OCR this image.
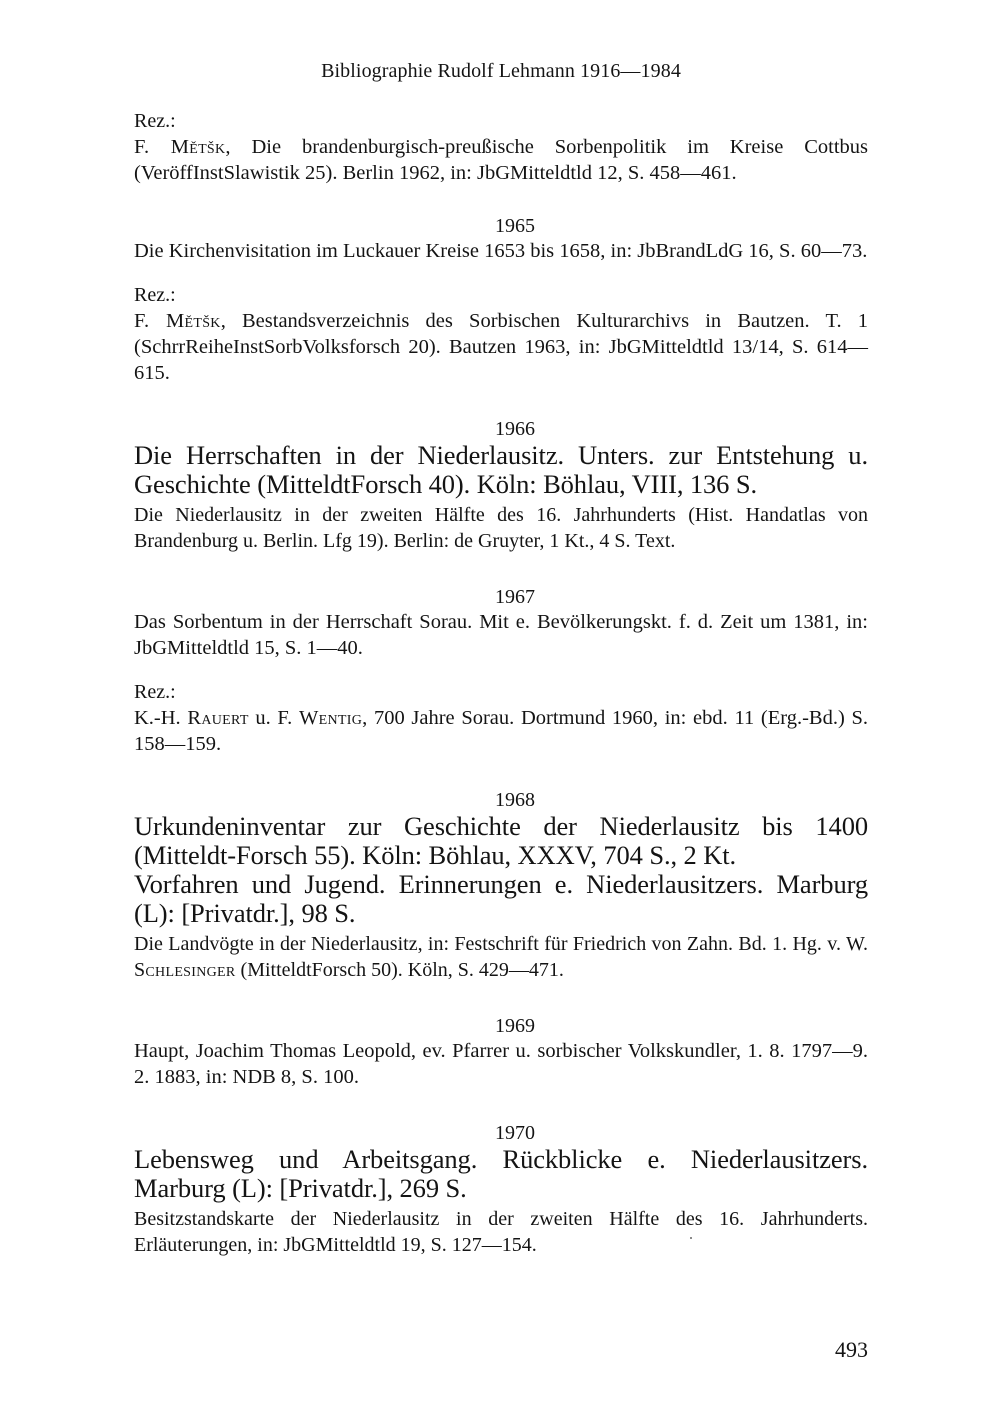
Bibliographie Rudolf Lehmann 1916—1984
Rez.:

F. Mětšk, Die brandenburgisch-preußische Sorbenpolitik im Kreise Cottbus (VeröffInstSlawistik 25). Berlin 1962, in: JbGMitteldtld 12, S. 458—461.

1965

Die Kirchenvisitation im Luckauer Kreise 1653 bis 1658, in: JbBrandLdG 16, S. 60—73.

Rez.:

F. Mětšk, Bestandsverzeichnis des Sorbischen Kulturarchivs in Bautzen. T. 1 (SchrrReiheInstSorbVolksforsch 20). Bautzen 1963, in: JbGMitteldtld 13/14, S. 614—615.

1966

Die Herrschaften in der Niederlausitz. Unters. zur Entstehung u. Geschichte (MitteldtForsch 40). Köln: Böhlau, VIII, 136 S.

Die Niederlausitz in der zweiten Hälfte des 16. Jahrhunderts (Hist. Handatlas von Brandenburg u. Berlin. Lfg 19). Berlin: de Gruyter, 1 Kt., 4 S. Text.

1967

Das Sorbentum in der Herrschaft Sorau. Mit e. Bevölkerungskt. f. d. Zeit um 1381, in: JbGMitteldtld 15, S. 1—40.

Rez.:

K.-H. Rauert u. F. Wentig, 700 Jahre Sorau. Dortmund 1960, in: ebd. 11 (Erg.-Bd.) S. 158—159.

1968

Urkundeninventar zur Geschichte der Niederlausitz bis 1400 (Mitteldt-Forsch 55). Köln: Böhlau, XXXV, 704 S., 2 Kt.

Vorfahren und Jugend. Erinnerungen e. Niederlausitzers. Marburg (L): [Privatdr.], 98 S.

Die Landvögte in der Niederlausitz, in: Festschrift für Friedrich von Zahn. Bd. 1. Hg. v. W. Schlesinger (MitteldtForsch 50). Köln, S. 429—471.

1969

Haupt, Joachim Thomas Leopold, ev. Pfarrer u. sorbischer Volkskundler, 1. 8. 1797—9. 2. 1883, in: NDB 8, S. 100.

1970

Lebensweg und Arbeitsgang. Rückblicke e. Niederlausitzers. Marburg (L): [Privatdr.], 269 S.

Besitzstandskarte der Niederlausitz in der zweiten Hälfte des 16. Jahrhunderts. Erläuterungen, in: JbGMitteldtld 19, S. 127—154.

493
